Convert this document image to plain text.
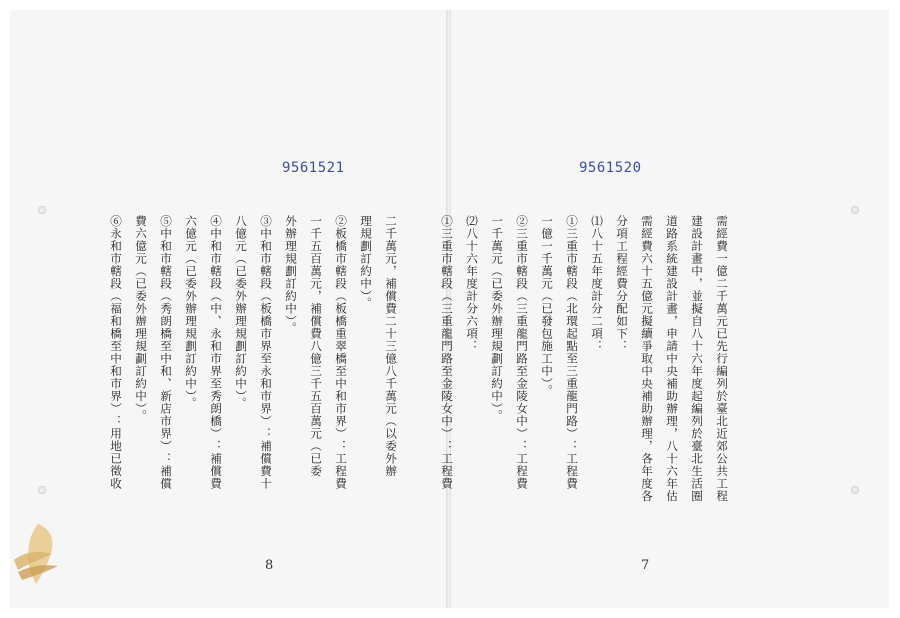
9561521
二千萬元，補償費二十三億八千萬元（以委外辦
理規劃訂約中）。
②板橋市轄段（板橋重翠橋至中和市界）：工程費
一千五百萬元，補償費八億三千五百萬元（已委
外辦理規劃訂約中）。
③中和市轄段（板橋市界至永和市界）：補償費十
八億元（已委外辦理規劃訂約中）。
④中和市轄段（中、永和市界至秀朗橋）：補償費
六億元（已委外辦理規劃訂約中）。
⑤中和市轄段（秀朗橋至中和、新店市界）：補償
費六億元（已委外辦理規劃訂約中）。
⑥永和市轄段（福和橋至中和市界）：用地已徵收
8
9561520
需經費一億二千萬元已先行編列於臺北近郊公共工程
建設計畫中，並擬自八十六年度起編列於臺北生活圈
道路系統建設計畫，申請中央補助辦理，八十六年估
需經費六十五億元擬續爭取中央補助辦理，各年度各
分項工程經費分配如下：
⑴八十五年度計分二項：
①三重市轄段（北環起點至三重龍門路）：工程費
一億一千萬元（已發包施工中）。
②三重市轄段（三重龍門路至金陵女中）：工程費
一千萬元（已委外辦理規劃訂約中）。
⑵八十六年度計分六項：
①三重市轄段（三重龍門路至金陵女中）：工程費
7
